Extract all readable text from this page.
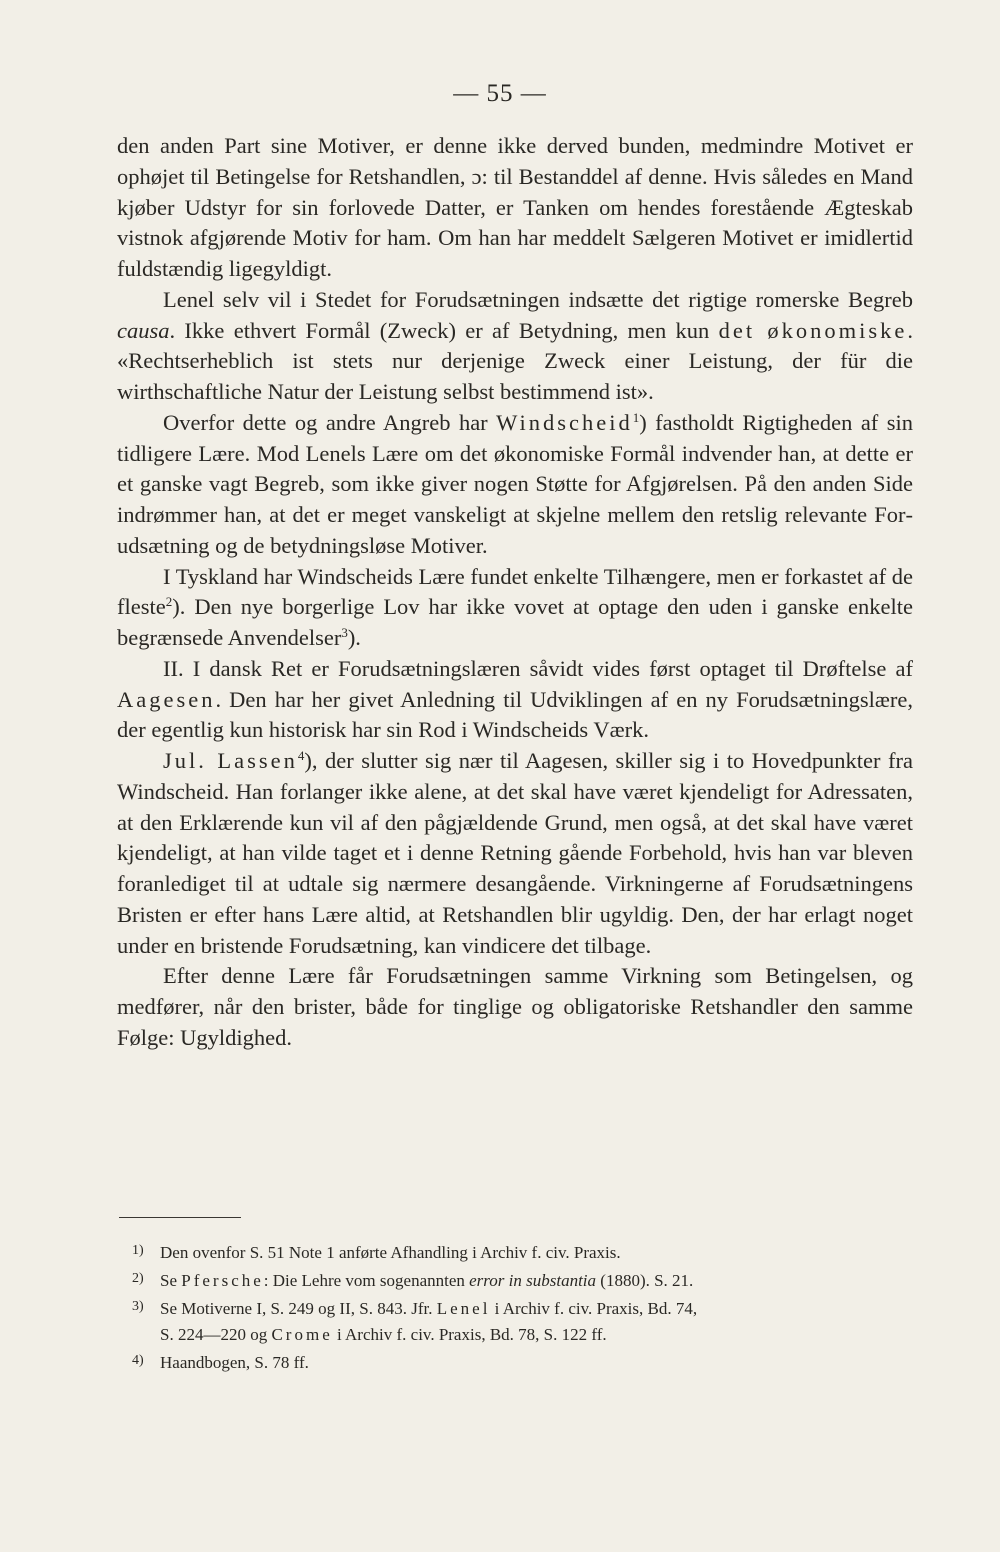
— 55 —

den anden Part sine Motiver, er denne ikke derved bunden, medmindre Motivet er ophøjet til Betingelse for Retshandlen, ɔ: til Bestanddel af denne. Hvis således en Mand kjøber Udstyr for sin forlovede Datter, er Tanken om hendes forestående Ægteskab vistnok afgjørende Motiv for ham. Om han har meddelt Sælgeren Motivet er imidlertid fuldstændig ligegyldigt.

Lenel selv vil i Stedet for Forudsætningen indsætte det rigtige romerske Begreb causa. Ikke ethvert Formål (Zweck) er af Betydning, men kun det økonomiske. «Rechtserheblich ist stets nur derjenige Zweck einer Leistung, der für die wirthschaftliche Natur der Leistung selbst bestimmend ist».

Overfor dette og andre Angreb har Windscheid$^1$) fastholdt Rigtigheden af sin tidligere Lære. Mod Lenels Lære om det økonomiske Formål indvender han, at dette er et ganske vagt Begreb, som ikke giver nogen Støtte for Afgjørelsen. På den anden Side indrømmer han, at det er meget vanskeligt at skjelne mellem den retslig relevante Forudsætning og de betydningsløse Motiver.

I Tyskland har Windscheids Lære fundet enkelte Tilhængere, men er forkastet af de fleste$^2$). Den nye borgerlige Lov har ikke vovet at optage den uden i ganske enkelte begrænsede Anvendelser$^3$).

II. I dansk Ret er Forudsætningslæren såvidt vides først optaget til Drøftelse af Aagesen. Den har her givet Anledning til Udviklingen af en ny Forudsætningslære, der egentlig kun historisk har sin Rod i Windscheids Værk.

Jul. Lassen$^4$), der slutter sig nær til Aagesen, skiller sig i to Hovedpunkter fra Windscheid. Han forlanger ikke alene, at det skal have været kjendeligt for Adressaten, at den Erklærende kun vil af den pågjældende Grund, men også, at det skal have været kjendeligt, at han vilde taget et i denne Retning gående Forbehold, hvis han var bleven foranlediget til at udtale sig nærmere desangående. Virkningerne af Forudsætningens Bristen er efter hans Lære altid, at Retshandlen blir ugyldig. Den, der har erlagt noget under en bristende Forudsætning, kan vindicere det tilbage.

Efter denne Lære får Forudsætningen samme Virkning som Betingelsen, og medfører, når den brister, både for tinglige og obligatoriske Retshandler den samme Følge: Ugyldighed.

1) Den ovenfor S. 51 Note 1 anførte Afhandling i Archiv f. civ. Praxis.

2) Se Pfersche: Die Lehre vom sogenannten error in substantia (1880). S. 21.

3) Se Motiverne I, S. 249 og II, S. 843. Jfr. Lenel i Archiv f. civ. Praxis, Bd. 74,

S. 224—220 og Crome i Archiv f. civ. Praxis, Bd. 78, S. 122 ff.

4) Haandbogen, S. 78 ff.
